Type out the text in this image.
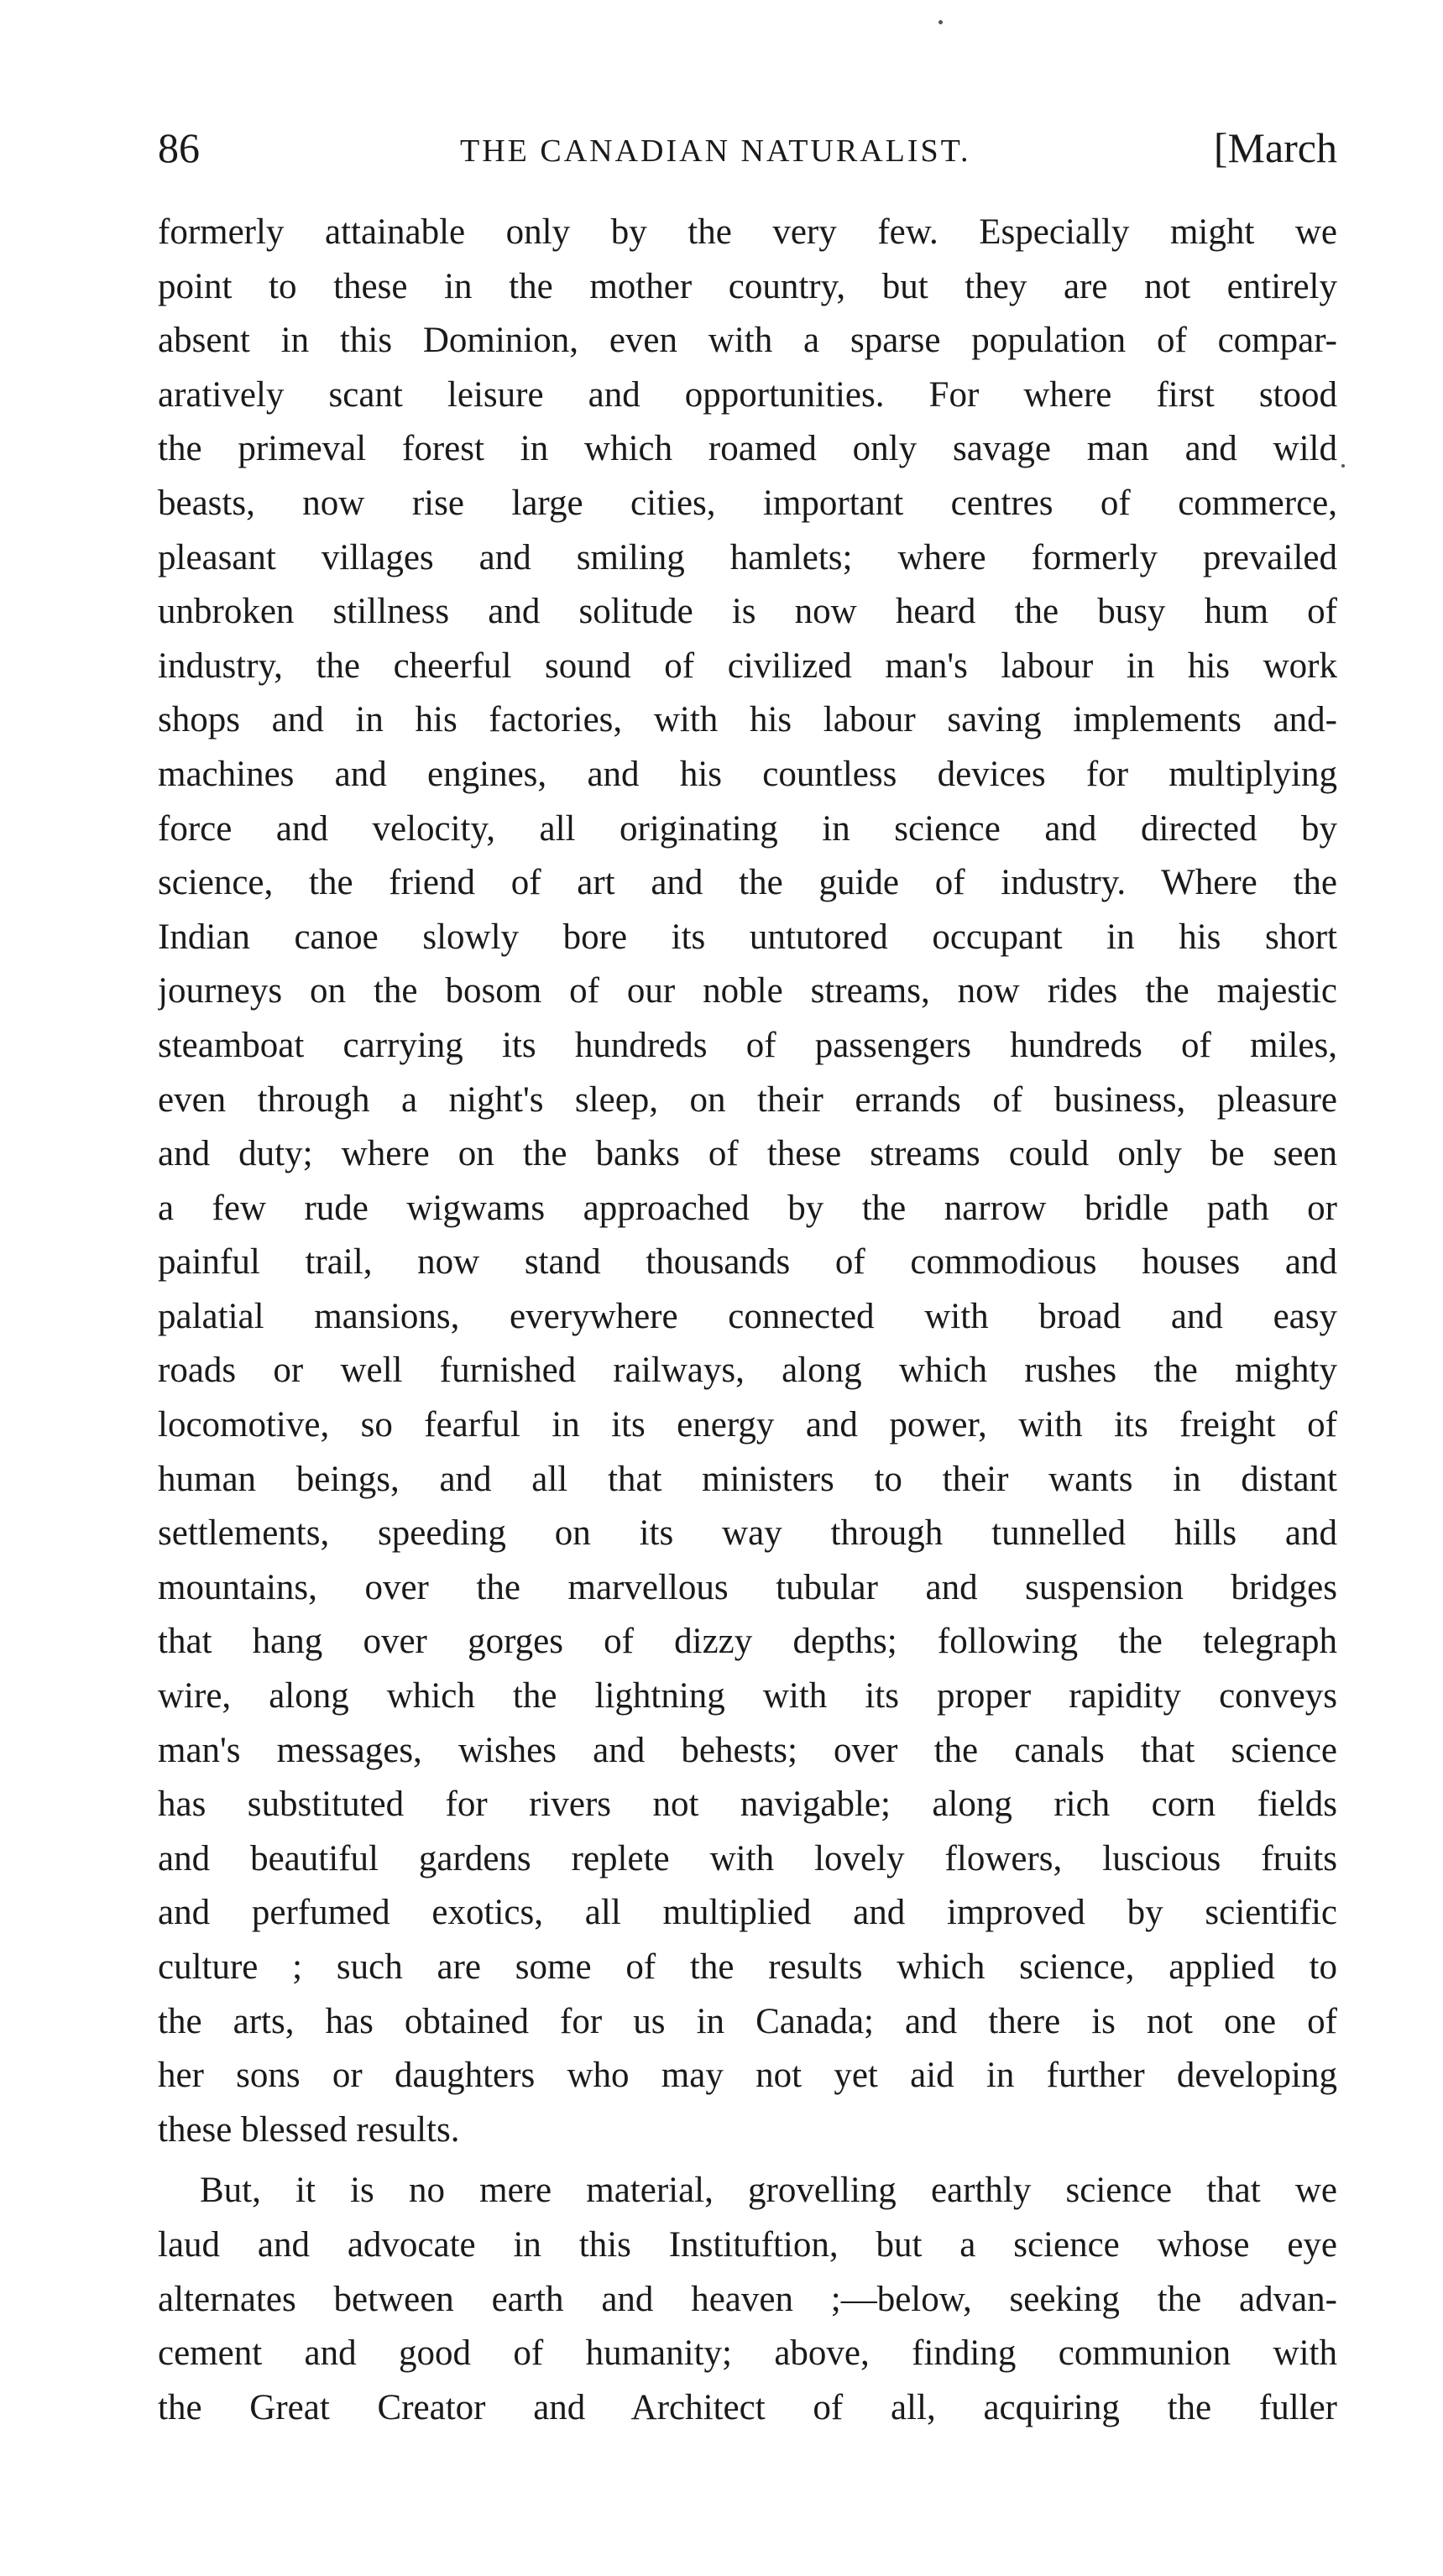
86	THE CANADIAN NATURALIST.	[March
formerly attainable only by the very few. Especially might we
point to these in the mother country, but they are not entirely
absent in this Dominion, even with a sparse population of compar-
aratively scant leisure and opportunities. For where first stood
the primeval forest in which roamed only savage man and wild
beasts, now rise large cities, important centres of commerce,
pleasant villages and smiling hamlets; where formerly prevailed
unbroken stillness and solitude is now heard the busy hum of
industry, the cheerful sound of civilized man's labour in his work
shops and in his factories, with his labour saving implements and-
machines and engines, and his countless devices for multiplying
force and velocity, all originating in science and directed by
science, the friend of art and the guide of industry. Where the
Indian canoe slowly bore its untutored occupant in his short
journeys on the bosom of our noble streams, now rides the majestic
steamboat carrying its hundreds of passengers hundreds of miles,
even through a night's sleep, on their errands of business, pleasure
and duty; where on the banks of these streams could only be seen
a few rude wigwams approached by the narrow bridle path or
painful trail, now stand thousands of commodious houses and
palatial mansions, everywhere connected with broad and easy
roads or well furnished railways, along which rushes the mighty
locomotive, so fearful in its energy and power, with its freight of
human beings, and all that ministers to their wants in distant
settlements, speeding on its way through tunnelled hills and
mountains, over the marvellous tubular and suspension bridges
that hang over gorges of dizzy depths; following the telegraph
wire, along which the lightning with its proper rapidity conveys
man's messages, wishes and behests; over the canals that science
has substituted for rivers not navigable; along rich corn fields
and beautiful gardens replete with lovely flowers, luscious fruits
and perfumed exotics, all multiplied and improved by scientific
culture ; such are some of the results which science, applied to
the arts, has obtained for us in Canada; and there is not one of
her sons or daughters who may not yet aid in further developing
these blessed results.
But, it is no mere material, grovelling earthly science that we
laud and advocate in this Instituftion, but a science whose eye
alternates between earth and heaven ;—below, seeking the advan-
cement and good of humanity; above, finding communion with
the Great Creator and Architect of all, acquiring the fuller
